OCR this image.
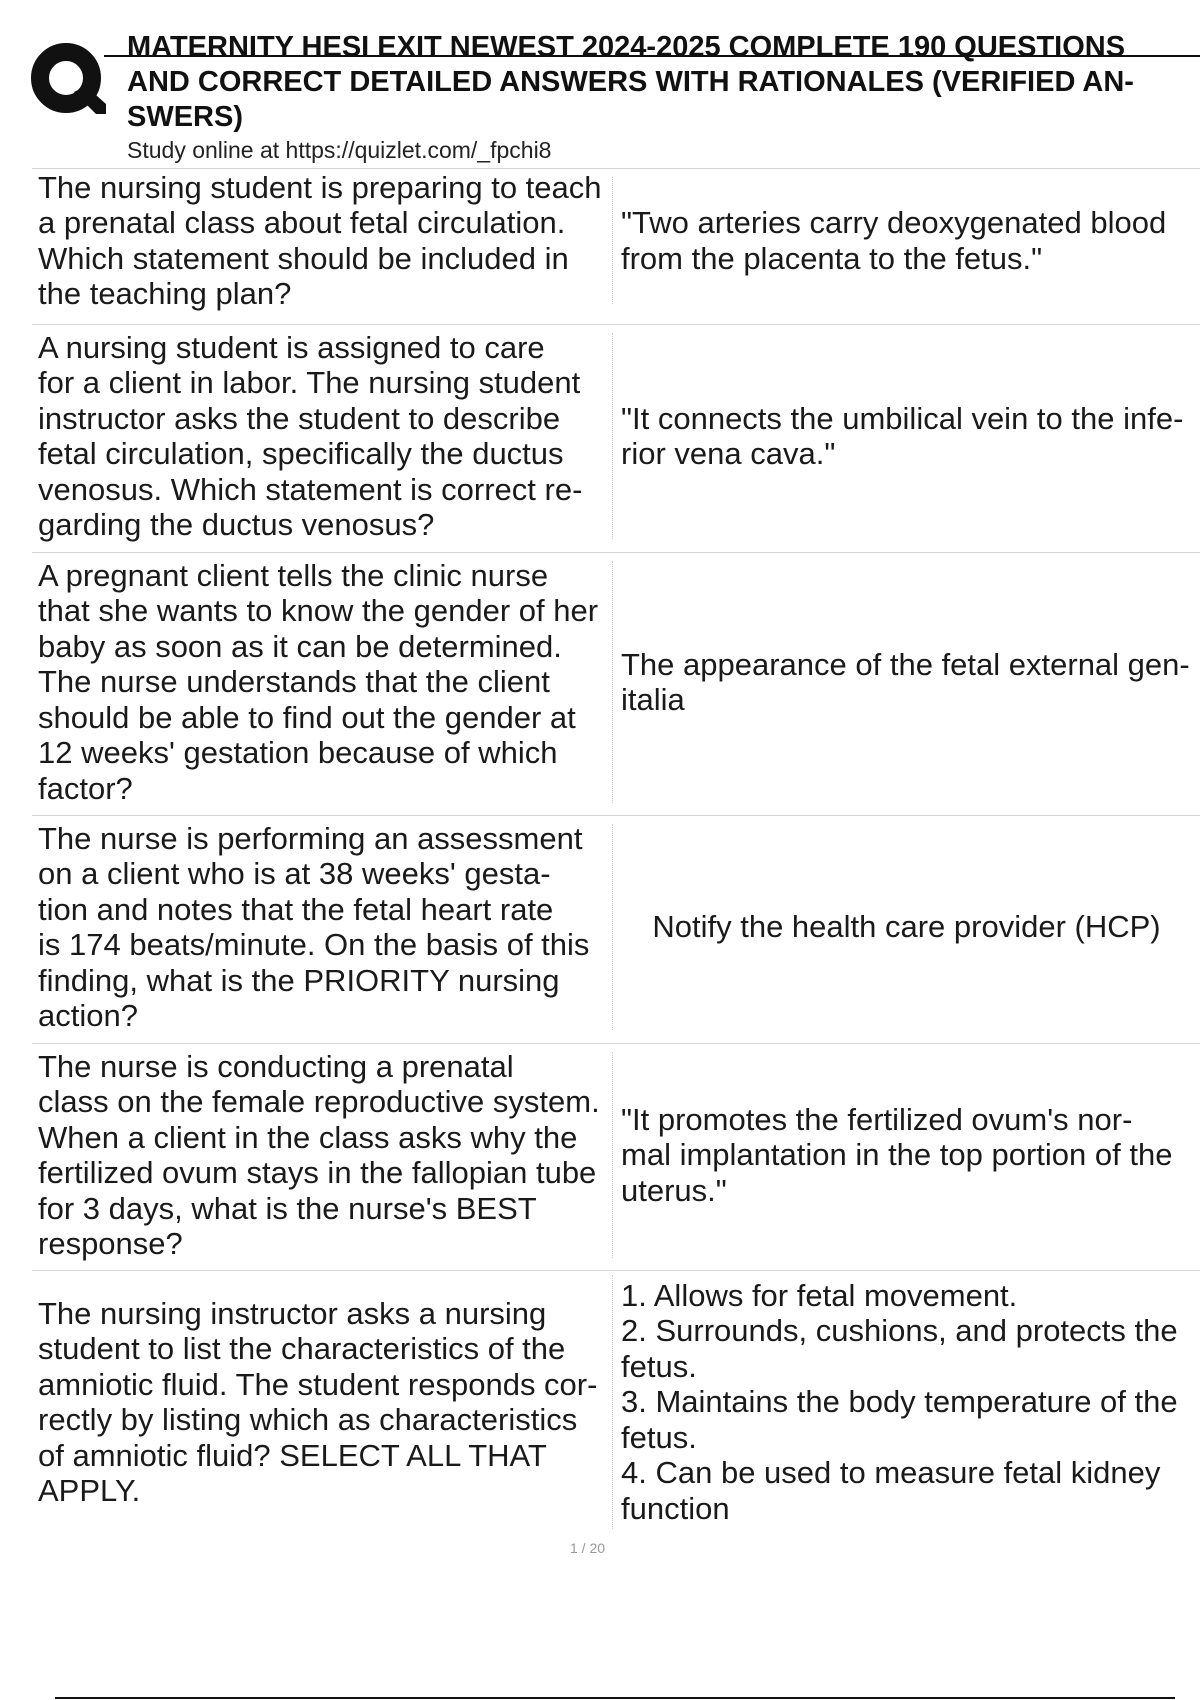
MATERNITY HESI EXIT NEWEST 2024-2025 COMPLETE 190 QUESTIONS
AND CORRECT DETAILED ANSWERS WITH RATIONALES (VERIFIED AN-
SWERS)
Study online at https://quizlet.com/_fpchi8

The nursing student is preparing to teach
a prenatal class about fetal circulation.
Which statement should be included in
the teaching plan?

"Two arteries carry deoxygenated blood
from the placenta to the fetus."

A nursing student is assigned to care
for a client in labor. The nursing student
instructor asks the student to describe
fetal circulation, specifically the ductus
venosus. Which statement is correct re-
garding the ductus venosus?

"It connects the umbilical vein to the infe-
rior vena cava."

A pregnant client tells the clinic nurse
that she wants to know the gender of her
baby as soon as it can be determined.
The nurse understands that the client
should be able to find out the gender at
12 weeks' gestation because of which
factor?

The appearance of the fetal external gen-
italia

The nurse is performing an assessment
on a client who is at 38 weeks' gesta-
tion and notes that the fetal heart rate
is 174 beats/minute. On the basis of this
finding, what is the PRIORITY nursing
action?

Notify the health care provider (HCP)

The nurse is conducting a prenatal
class on the female reproductive system.
When a client in the class asks why the
fertilized ovum stays in the fallopian tube
for 3 days, what is the nurse's BEST
response?

"It promotes the fertilized ovum's nor-
mal implantation in the top portion of the
uterus."

The nursing instructor asks a nursing
student to list the characteristics of the
amniotic fluid. The student responds cor-
rectly by listing which as characteristics
of amniotic fluid? SELECT ALL THAT
APPLY.

1. Allows for fetal movement.
2. Surrounds, cushions, and protects the
fetus.
3. Maintains the body temperature of the
fetus.
4. Can be used to measure fetal kidney
function

1 / 20
